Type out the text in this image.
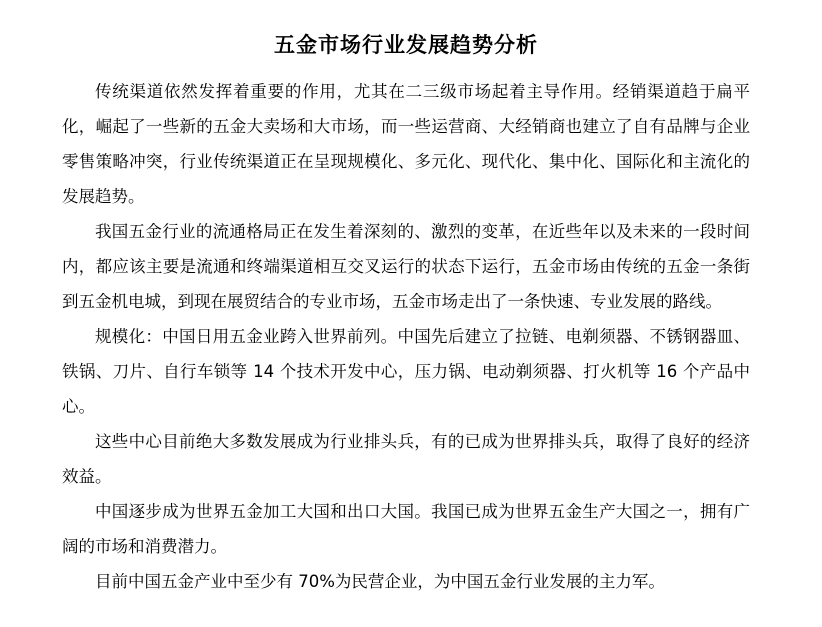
五金市场行业发展趋势分析

传统渠道依然发挥着重要的作用，尤其在二三级市场起着主导作用。经销渠道趋于扁平化，崛起了一些新的五金大卖场和大市场，而一些运营商、大经销商也建立了自有品牌与企业零售策略冲突，行业传统渠道正在呈现规模化、多元化、现代化、集中化、国际化和主流化的发展趋势。

我国五金行业的流通格局正在发生着深刻的、激烈的变革，在近些年以及未来的一段时间内，都应该主要是流通和终端渠道相互交叉运行的状态下运行，五金市场由传统的五金一条街到五金机电城，到现在展贸结合的专业市场，五金市场走出了一条快速、专业发展的路线。

规模化：中国日用五金业跨入世界前列。中国先后建立了拉链、电剃须器、不锈钢器皿、铁锅、刀片、自行车锁等 14 个技术开发中心，压力锅、电动剃须器、打火机等 16 个产品中心。

这些中心目前绝大多数发展成为行业排头兵，有的已成为世界排头兵，取得了良好的经济效益。

中国逐步成为世界五金加工大国和出口大国。我国已成为世界五金生产大国之一，拥有广阔的市场和消费潜力。

目前中国五金产业中至少有 70%为民营企业，为中国五金行业发展的主力军。
